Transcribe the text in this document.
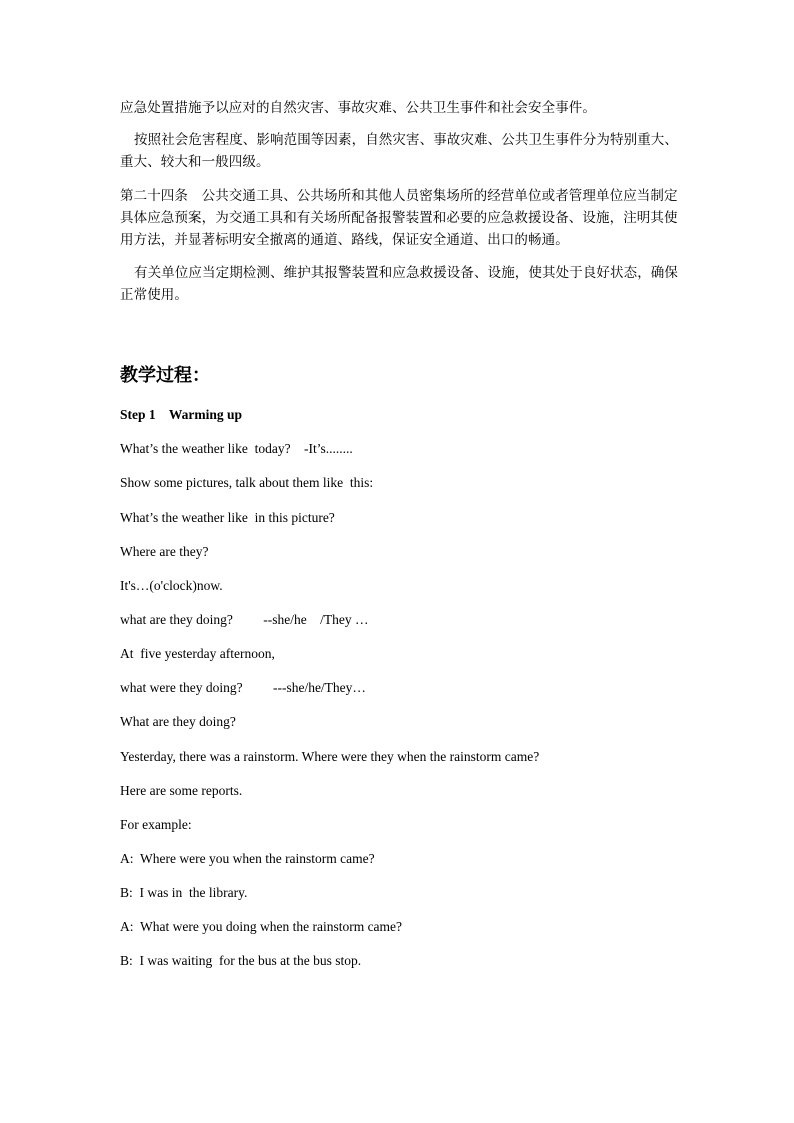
应急处置措施予以应对的自然灾害、事故灾难、公共卫生事件和社会安全事件。

按照社会危害程度、影响范围等因素，自然灾害、事故灾难、公共卫生事件分为特别重大、重大、较大和一般四级。

第二十四条　公共交通工具、公共场所和其他人员密集场所的经营单位或者管理单位应当制定具体应急预案，为交通工具和有关场所配备报警装置和必要的应急救援设备、设施，注明其使用方法，并显著标明安全撤离的通道、路线，保证安全通道、出口的畅通。

有关单位应当定期检测、维护其报警装置和应急救援设备、设施，使其处于良好状态，确保正常使用。

教学过程：

Step 1    Warming up

What’s the weather like  today?    -It’s........

Show some pictures, talk about them like  this:

What’s the weather like  in this picture?

Where are they?

It's…(o'clock)now.

what are they doing?         --she/he    /They …

At  five yesterday afternoon,

what were they doing?         ---she/he/They…

What are they doing?

Yesterday, there was a rainstorm. Where were they when the rainstorm came?

Here are some reports.

For example:

A:  Where were you when the rainstorm came?

B:  I was in  the library.

A:  What were you doing when the rainstorm came?

B:  I was waiting  for the bus at the bus stop.
